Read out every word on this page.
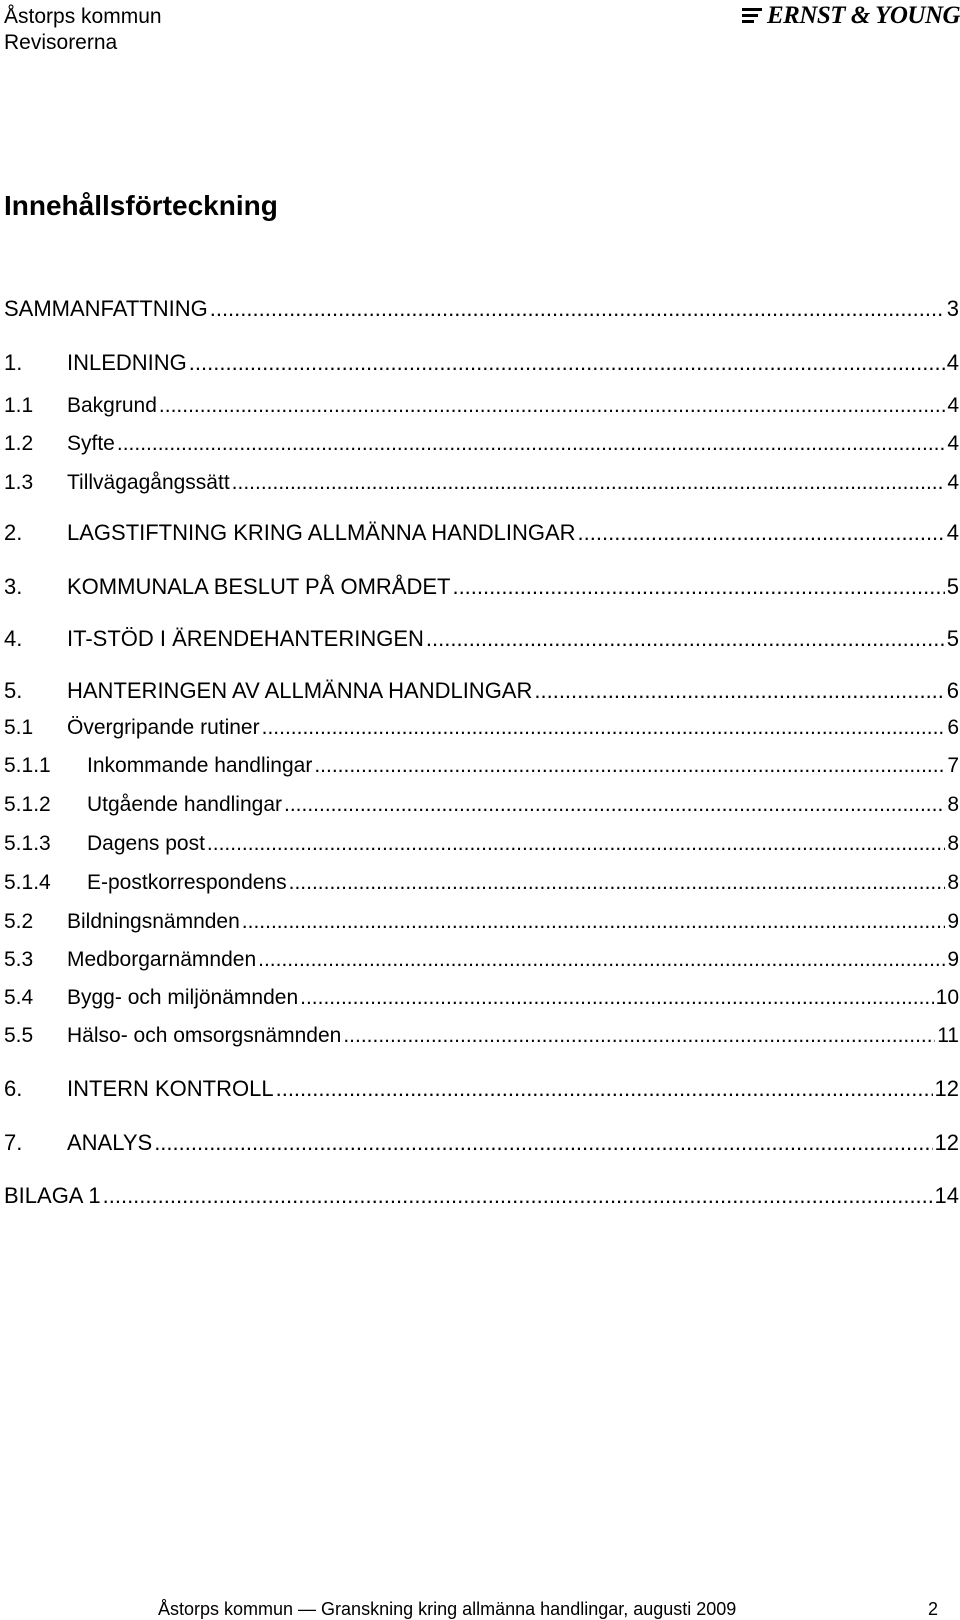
Åstorps kommun
Revisorerna
ERNST & YOUNG
Innehållsförteckning
SAMMANFATTNING .....	3
1.	INLEDNING .....	4
1.1	Bakgrund .....	4
1.2	Syfte .....	4
1.3	Tillvägagångssätt .....	4
2.	LAGSTIFTNING KRING ALLMÄNNA HANDLINGAR .....	4
3.	KOMMUNALA BESLUT PÅ OMRÅDET .....	5
4.	IT-STÖD I ÄRENDEHANTERINGEN .....	5
5.	HANTERINGEN AV ALLMÄNNA HANDLINGAR .....	6
5.1	Övergripande rutiner .....	6
5.1.1	Inkommande handlingar .....	7
5.1.2	Utgående handlingar .....	8
5.1.3	Dagens post .....	8
5.1.4	E-postkorrespondens .....	8
5.2	Bildningsnämnden .....	9
5.3	Medborgarnämnden .....	9
5.4	Bygg- och miljönämnden .....	10
5.5	Hälso- och omsorgsnämnden .....	11
6.	INTERN KONTROLL .....	12
7.	ANALYS .....	12
BILAGA 1 .....	14
Åstorps kommun — Granskning kring allmänna handlingar, augusti 2009	2
